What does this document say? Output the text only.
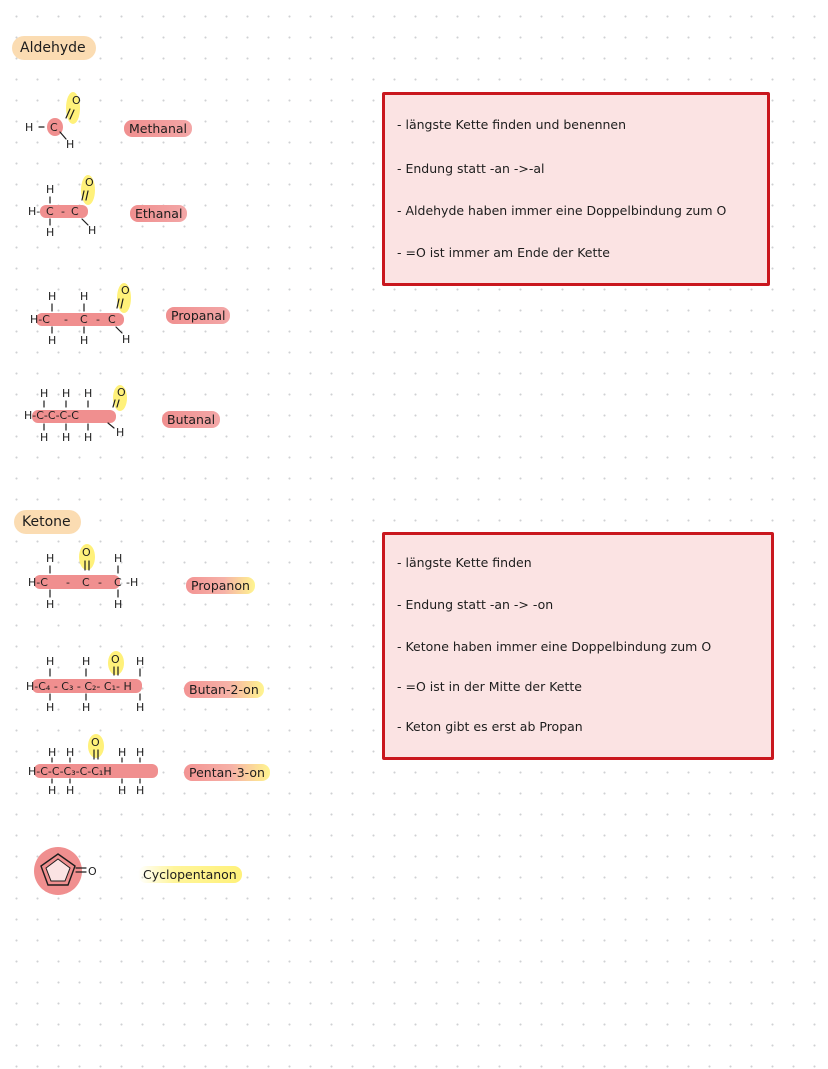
Aldehyde
O
H C
H
Methanal
O
H
H- C - C
H	H
Ethanal
O
H H
H-C - C - C
H H	H
Propanal
O
H H H
H-C-C-C-C
H H H H
Butanal
- längste Kette finden und benennen
- Endung statt -an ->-al
- Aldehyde haben immer eine Doppelbindung zum O
- =O ist immer am Ende der Kette
Ketone
O
H	H
H-C - C - C -H
H	H
Propanon
O
H	H	H
H-C₄ - C₃ - C₂- C₁- H
H	H	H
Butan-2-on
O
H H	H H
H-C-C-C₃-C-C₁H
H H	H H
Pentan-3-on
O	Cyclopentanon
- längste Kette finden
- Endung statt -an -> -on
- Ketone haben immer eine Doppelbindung zum O
- =O ist in der Mitte der Kette
- Keton gibt es erst ab Propan
